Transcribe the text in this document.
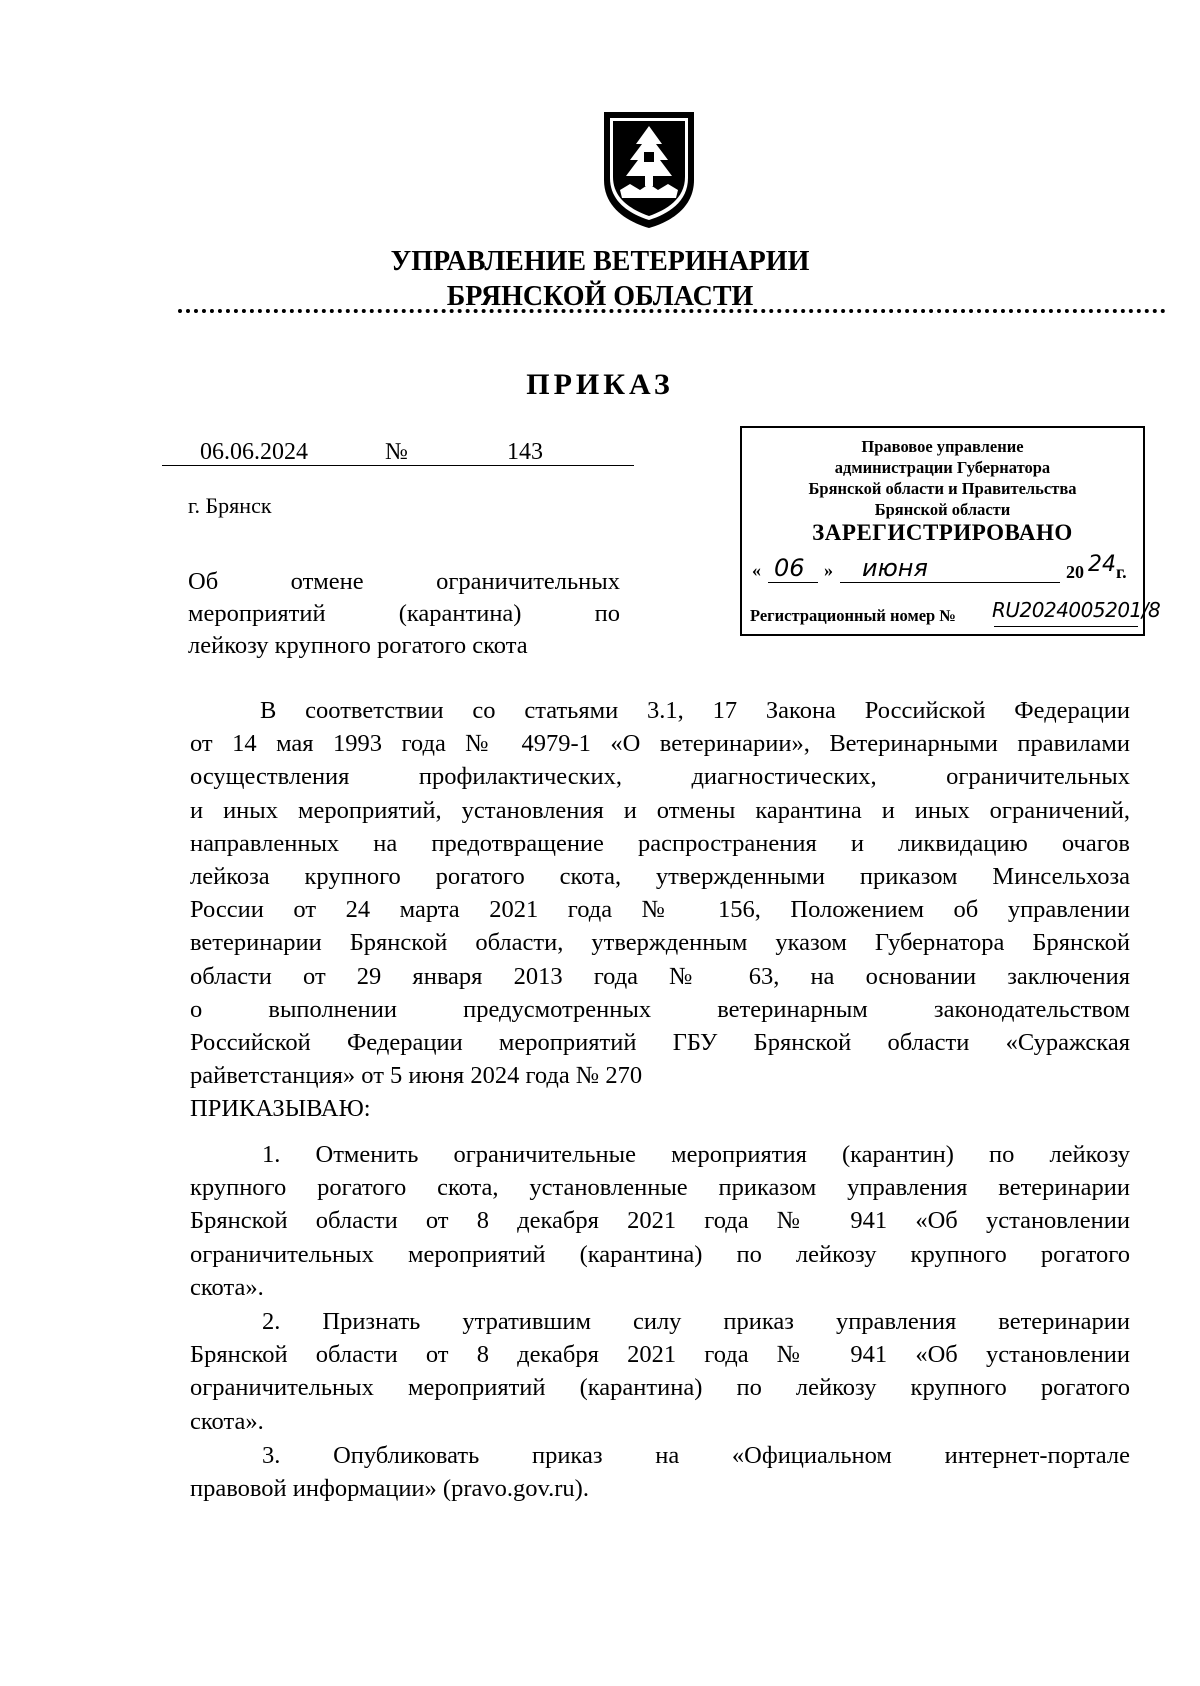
УПРАВЛЕНИЕ ВЕТЕРИНАРИИ
БРЯНСКОЙ ОБЛАСТИ
ПРИКАЗ
06.06.2024	№	143
г. Брянск
Об	отмене	ограничительных
мероприятий	(карантина)	по
лейкозу крупного рогатого скота
Правовое управление
администрации Губернатора
Брянской области и Правительства
Брянской области
ЗАРЕГИСТРИРОВАНО
« 06 » июня	20 24 г.
Регистрационный номер № RU2024005201/8
В соответствии со статьями 3.1, 17 Закона Российской Федерации
от 14 мая 1993 года № 4979-1 «О ветеринарии», Ветеринарными правилами
осуществления профилактических, диагностических, ограничительных
и иных мероприятий, установления и отмены карантина и иных ограничений,
направленных на предотвращение распространения и ликвидацию очагов
лейкоза крупного рогатого скота, утвержденными приказом Минсельхоза
России от 24 марта 2021 года № 156, Положением об управлении
ветеринарии Брянской области, утвержденным указом Губернатора Брянской
области от 29 января 2013 года № 63, на основании заключения
о выполнении предусмотренных ветеринарным законодательством
Российской Федерации мероприятий ГБУ Брянской области «Суражская
райветстанция» от 5 июня 2024 года № 270
ПРИКАЗЫВАЮ:
1. Отменить ограничительные мероприятия (карантин) по лейкозу
крупного рогатого скота, установленные приказом управления ветеринарии
Брянской области от 8 декабря 2021 года № 941 «Об установлении
ограничительных мероприятий (карантина) по лейкозу крупного рогатого
скота».
2. Признать утратившим силу приказ управления ветеринарии
Брянской области от 8 декабря 2021 года № 941 «Об установлении
ограничительных мероприятий (карантина) по лейкозу крупного рогатого
скота».
3. Опубликовать приказ на «Официальном интернет-портале
правовой информации» (pravo.gov.ru).
